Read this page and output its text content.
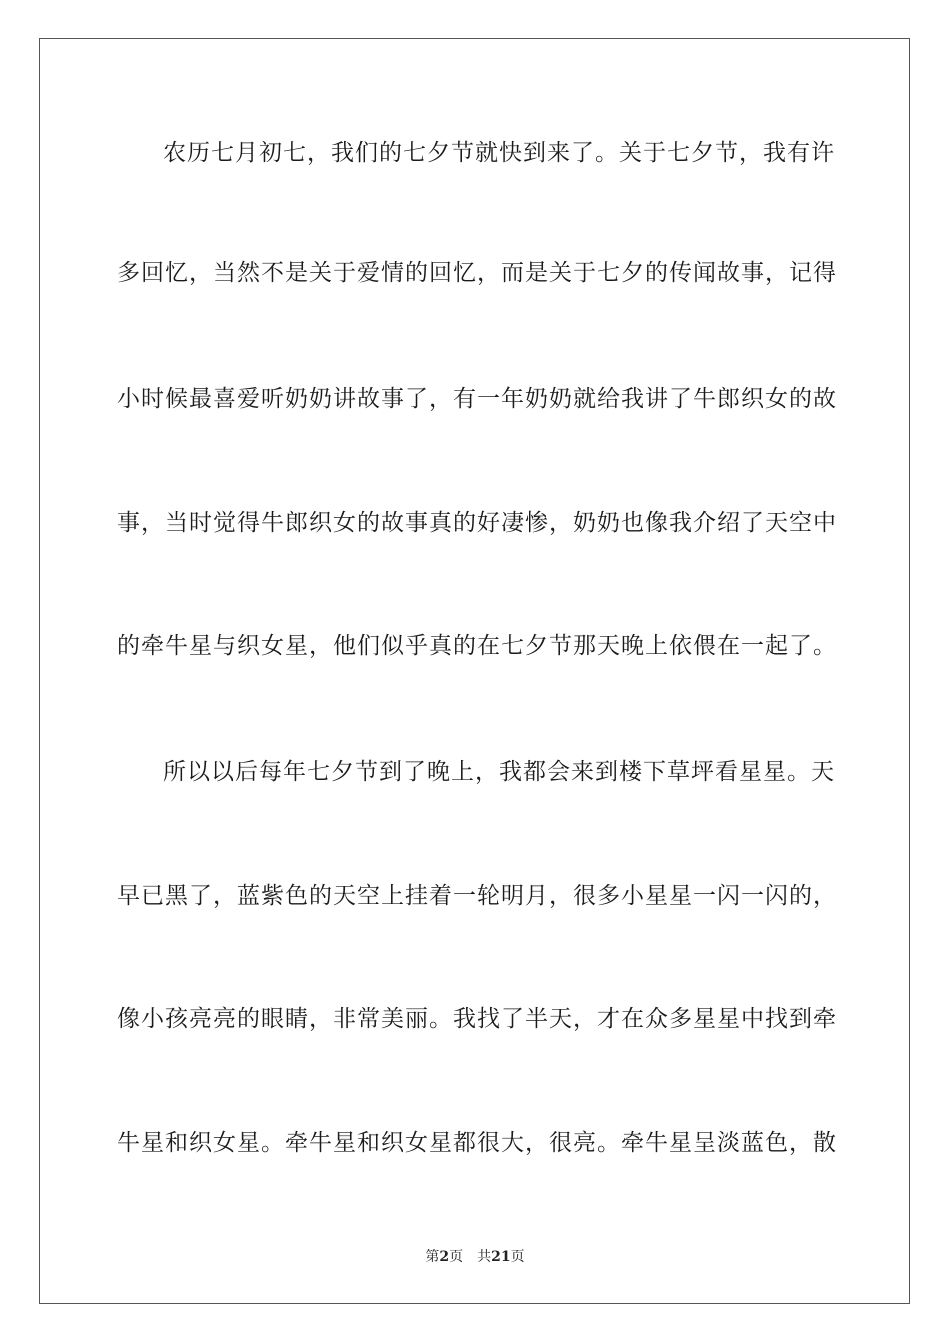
农历七月初七，我们的七夕节就快到来了。关于七夕节，我有许
多回忆，当然不是关于爱情的回忆，而是关于七夕的传闻故事，记得
小时候最喜爱听奶奶讲故事了，有一年奶奶就给我讲了牛郎织女的故
事，当时觉得牛郎织女的故事真的好凄惨，奶奶也像我介绍了天空中
的牵牛星与织女星，他们似乎真的在七夕节那天晚上依偎在一起了。
所以以后每年七夕节到了晚上，我都会来到楼下草坪看星星。天
早已黑了，蓝紫色的天空上挂着一轮明月，很多小星星一闪一闪的，
像小孩亮亮的眼睛，非常美丽。我找了半天，才在众多星星中找到牵
牛星和织女星。牵牛星和织女星都很大，很亮。牵牛星呈淡蓝色，散
第2页 共21页
